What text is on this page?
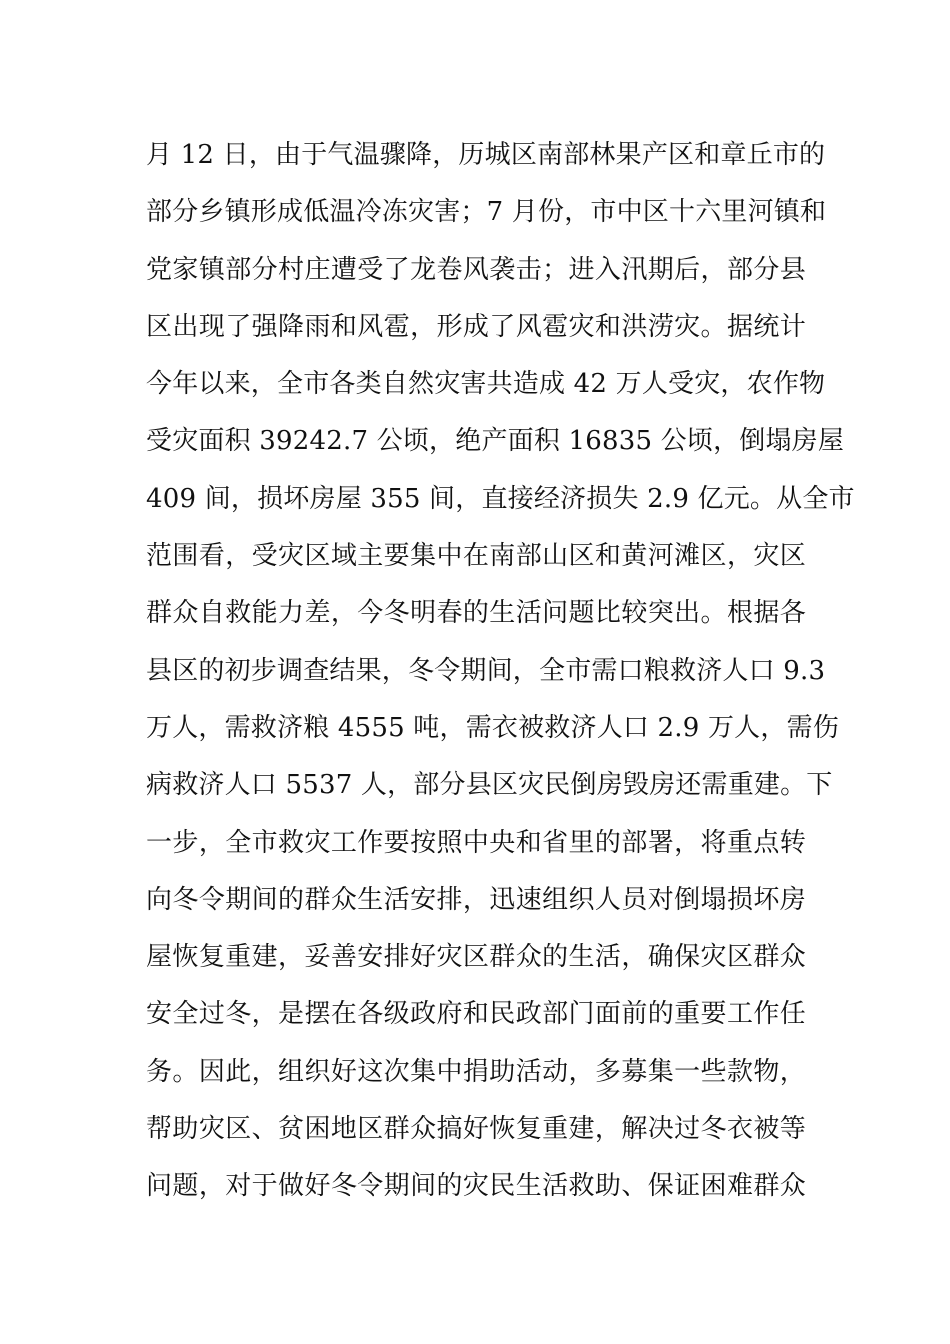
月 12 日，由于气温骤降，历城区南部林果产区和章丘市的
部分乡镇形成低温冷冻灾害；7 月份，市中区十六里河镇和
党家镇部分村庄遭受了龙卷风袭击；进入汛期后，部分县
区出现了强降雨和风雹，形成了风雹灾和洪涝灾。据统计
今年以来，全市各类自然灾害共造成 42 万人受灾，农作物
受灾面积 39242.7 公顷，绝产面积 16835 公顷，倒塌房屋
409 间，损坏房屋 355 间，直接经济损失 2.9 亿元。从全市
范围看，受灾区域主要集中在南部山区和黄河滩区，灾区
群众自救能力差，今冬明春的生活问题比较突出。根据各
县区的初步调查结果，冬令期间，全市需口粮救济人口 9.3
万人，需救济粮 4555 吨，需衣被救济人口 2.9 万人，需伤
病救济人口 5537 人，部分县区灾民倒房毁房还需重建。下
一步，全市救灾工作要按照中央和省里的部署，将重点转
向冬令期间的群众生活安排，迅速组织人员对倒塌损坏房
屋恢复重建，妥善安排好灾区群众的生活，确保灾区群众
安全过冬，是摆在各级政府和民政部门面前的重要工作任
务。因此，组织好这次集中捐助活动，多募集一些款物，
帮助灾区、贫困地区群众搞好恢复重建，解决过冬衣被等
问题，对于做好冬令期间的灾民生活救助、保证困难群众
